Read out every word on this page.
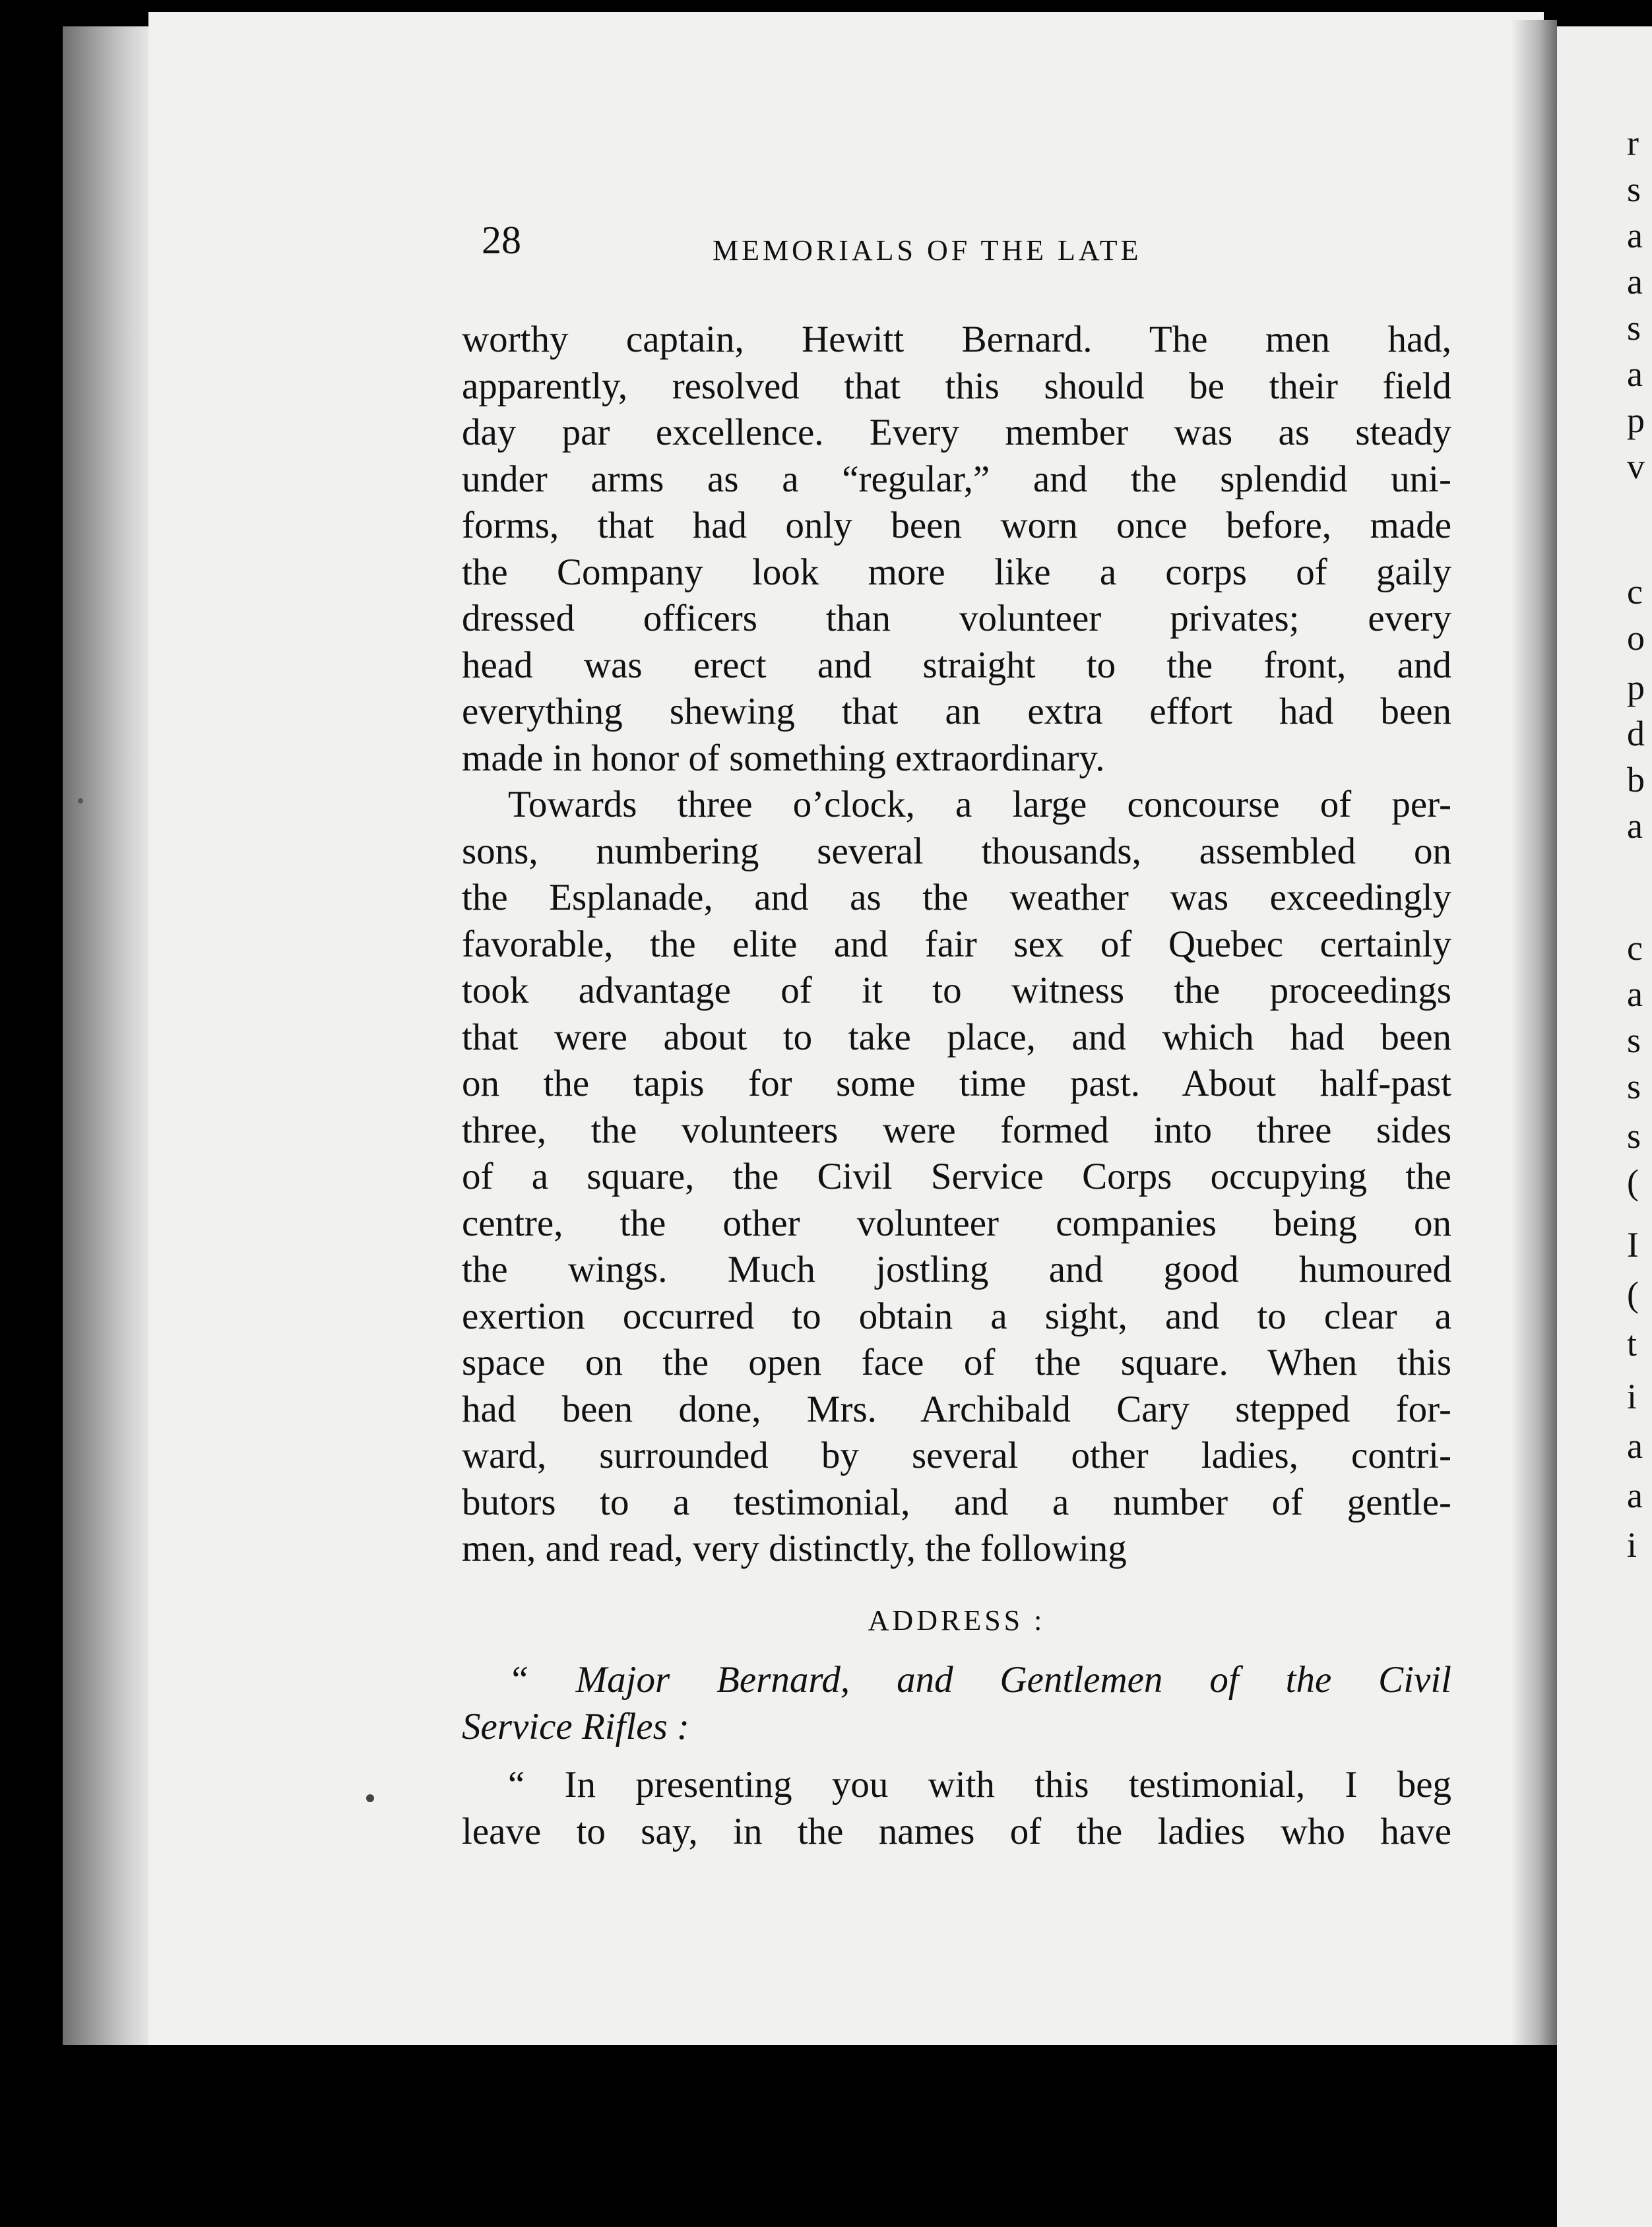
r
s
a
a
s
a
p
v
c
o
p
d
b
a
c
a
s
s
s
(
I
(
t
i
a
a
i
28	MEMORIALS OF THE LATE
worthy captain, Hewitt Bernard. The men had,
apparently, resolved that this should be their field
day par excellence. Every member was as steady
under arms as a “regular,” and the splendid uni-
forms, that had only been worn once before, made
the Company look more like a corps of gaily
dressed officers than volunteer privates; every
head was erect and straight to the front, and
everything shewing that an extra effort had been
made in honor of something extraordinary.
Towards three o’clock, a large concourse of per-
sons, numbering several thousands, assembled on
the Esplanade, and as the weather was exceedingly
favorable, the elite and fair sex of Quebec certainly
took advantage of it to witness the proceedings
that were about to take place, and which had been
on the tapis for some time past. About half-past
three, the volunteers were formed into three sides
of a square, the Civil Service Corps occupying the
centre, the other volunteer companies being on
the wings. Much jostling and good humoured
exertion occurred to obtain a sight, and to clear a
space on the open face of the square. When this
had been done, Mrs. Archibald Cary stepped for-
ward, surrounded by several other ladies, contri-
butors to a testimonial, and a number of gentle-
men, and read, very distinctly, the following
ADDRESS :
“ Major Bernard, and Gentlemen of the Civil
Service Rifles :
“ In presenting you with this testimonial, I beg
leave to say, in the names of the ladies who have
